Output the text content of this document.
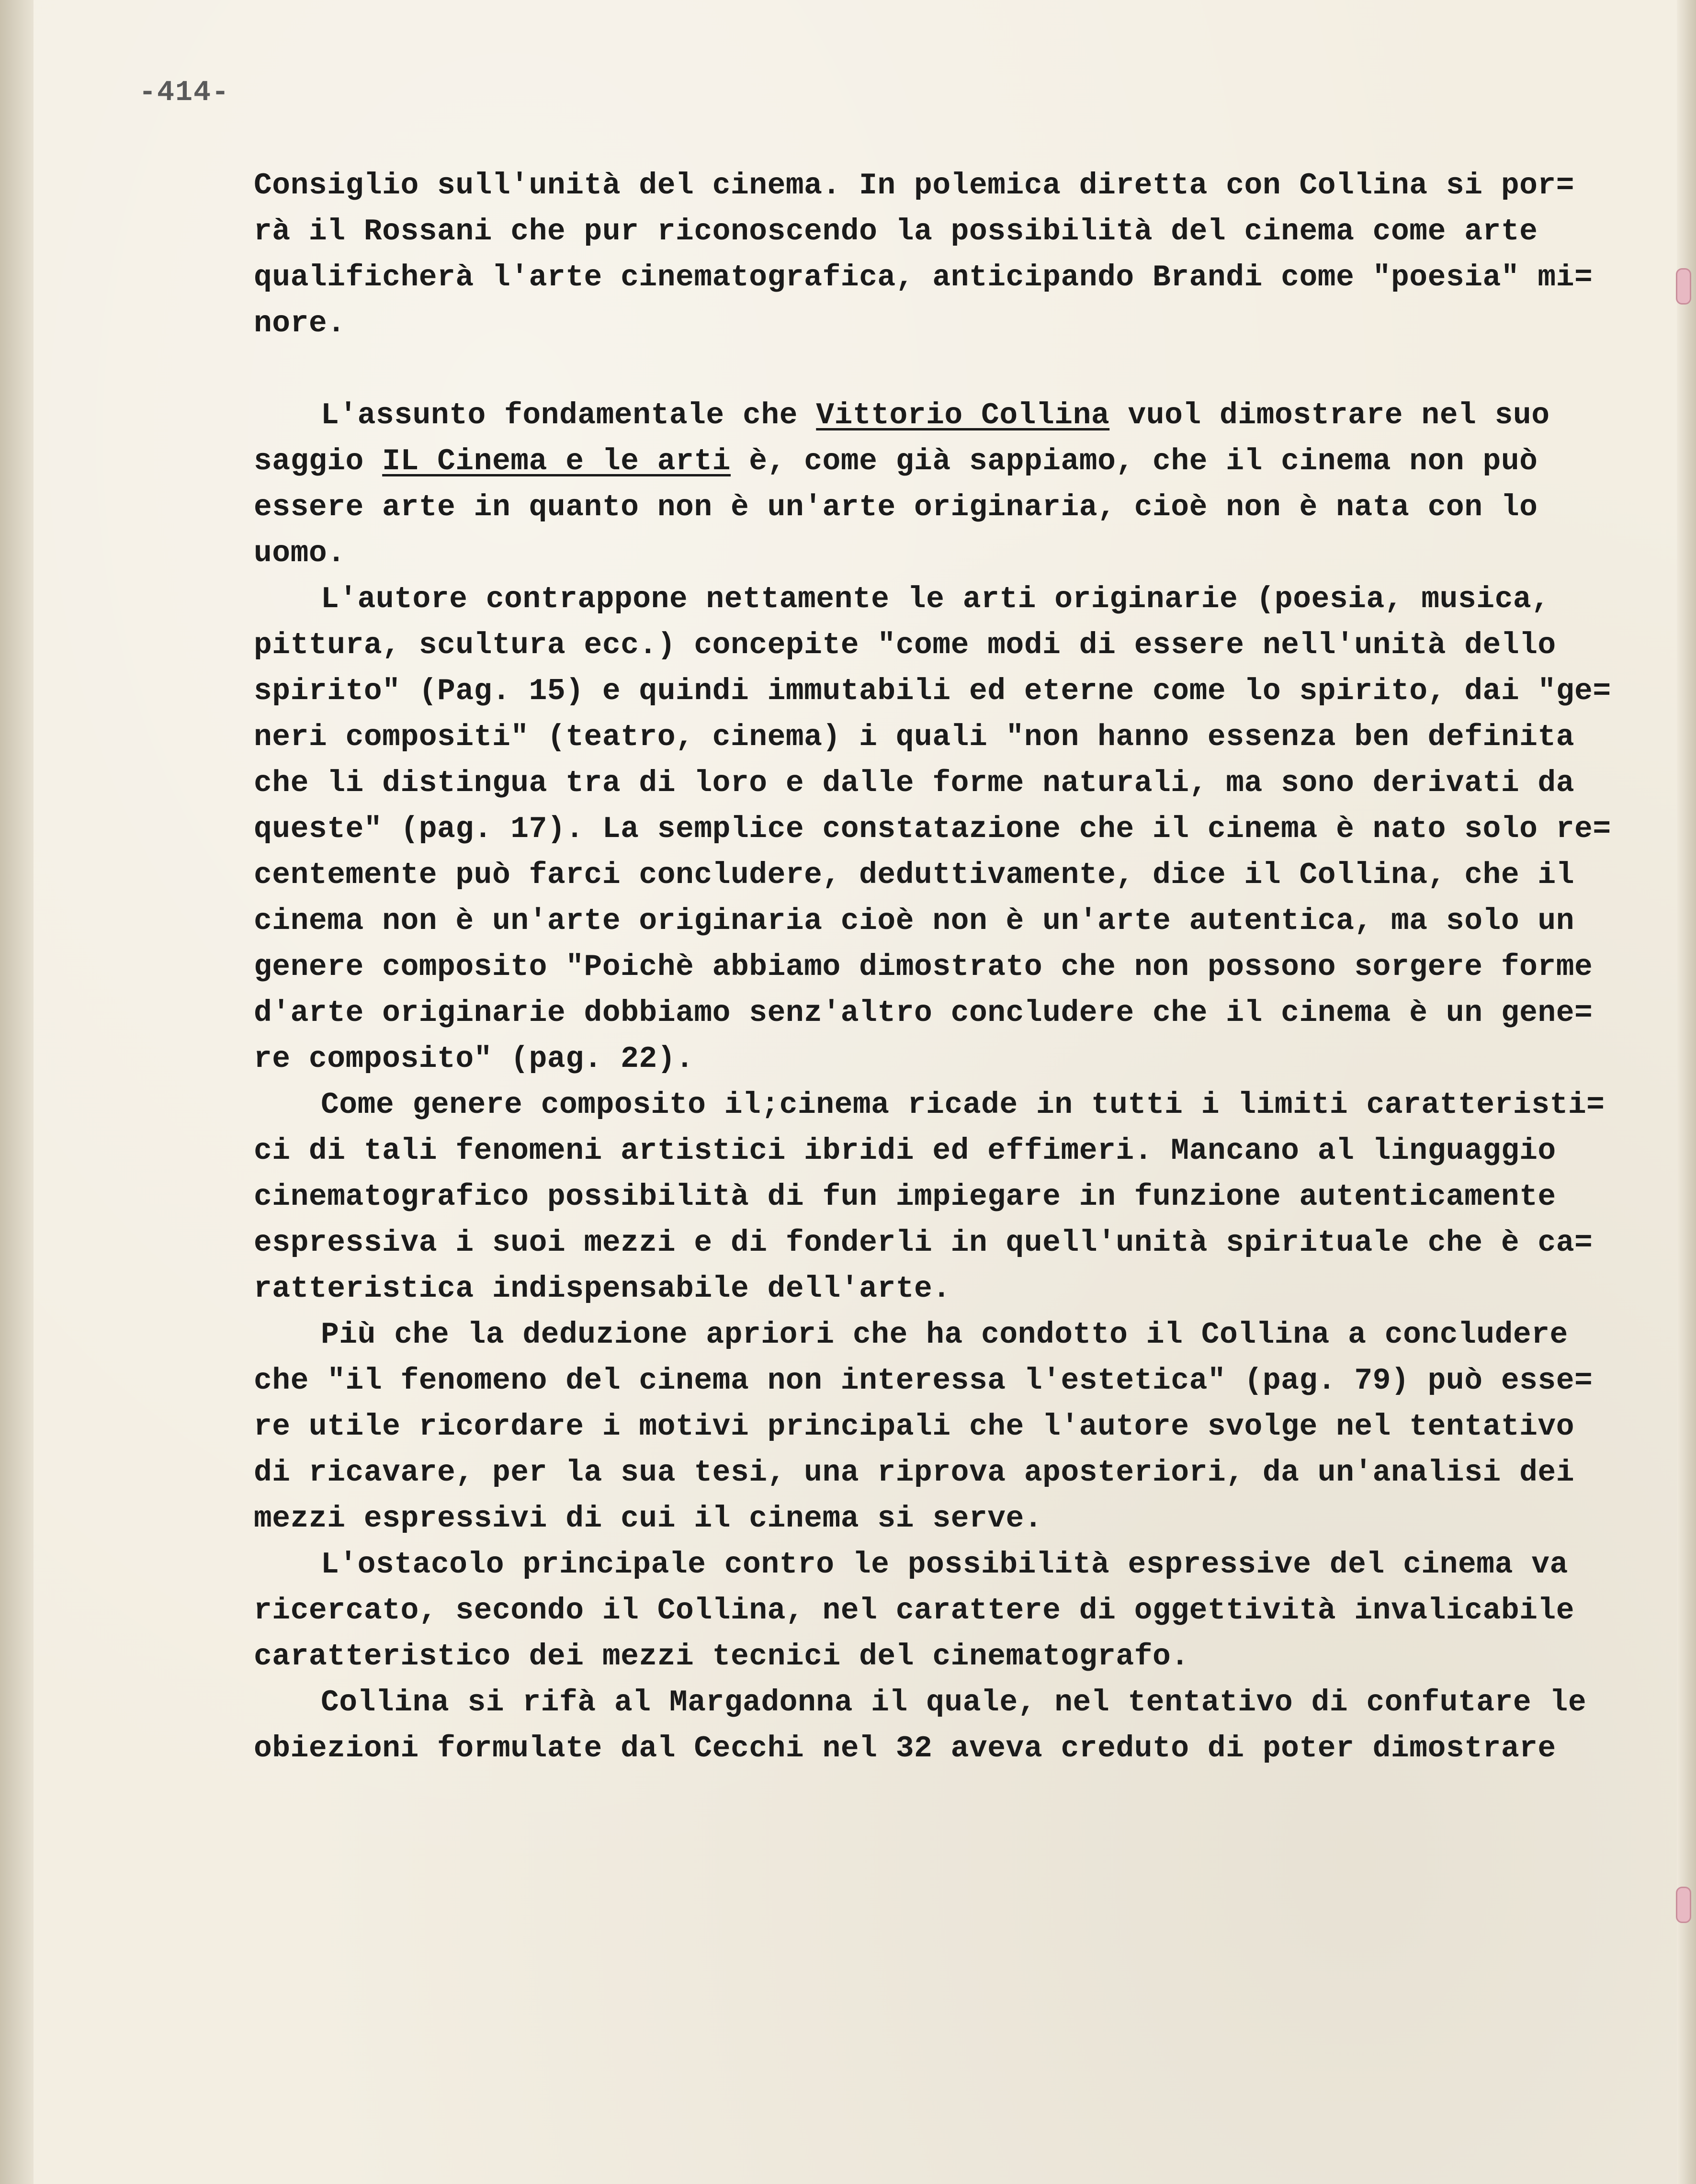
-414-
Consiglio sull'unità del cinema. In polemica diretta con Collina si por=
rà il Rossani che pur riconoscendo la possibilità del cinema come arte
qualificherà l'arte cinematografica, anticipando Brandi come "poesia" mi=
nore.
L'assunto fondamentale che Vittorio Collina vuol dimostrare nel suo
saggio IL Cinema e le arti è, come già sappiamo, che il cinema non può
essere arte in quanto non è un'arte originaria, cioè non è nata con lo
uomo.
L'autore contrappone nettamente le arti originarie (poesia, musica,
pittura, scultura ecc.) concepite "come modi di essere nell'unità dello
spirito" (Pag. 15) e quindi immutabili ed eterne come lo spirito, dai "ge=
neri compositi" (teatro, cinema) i quali "non hanno essenza ben definita
che li distingua tra di loro e dalle forme naturali, ma sono derivati da
queste" (pag. 17). La semplice constatazione che il cinema è nato solo re=
centemente può farci concludere, deduttivamente, dice il Collina, che il
cinema non è un'arte originaria cioè non è un'arte autentica, ma solo un
genere composito "Poichè abbiamo dimostrato che non possono sorgere forme
d'arte originarie dobbiamo senz'altro concludere che il cinema è un gene=
re composito" (pag. 22).
Come genere composito il;cinema ricade in tutti i limiti caratteristi=
ci di tali fenomeni artistici ibridi ed effimeri. Mancano al linguaggio
cinematografico possibilità di fun impiegare in funzione autenticamente
espressiva i suoi mezzi e di fonderli in quell'unità spirituale che è ca=
ratteristica indispensabile dell'arte.
Più che la deduzione apriori che ha condotto il Collina a concludere
che "il fenomeno del cinema non interessa l'estetica" (pag. 79) può esse=
re utile ricordare i motivi principali che l'autore svolge nel tentativo
di ricavare, per la sua tesi, una riprova aposteriori, da un'analisi dei
mezzi espressivi di cui il cinema si serve.
L'ostacolo principale contro le possibilità espressive del cinema va
ricercato, secondo il Collina, nel carattere di oggettività invalicabile
caratteristico dei mezzi tecnici del cinematografo.
Collina si rifà al Margadonna il quale, nel tentativo di confutare le
obiezioni formulate dal Cecchi nel 32 aveva creduto di poter dimostrare
